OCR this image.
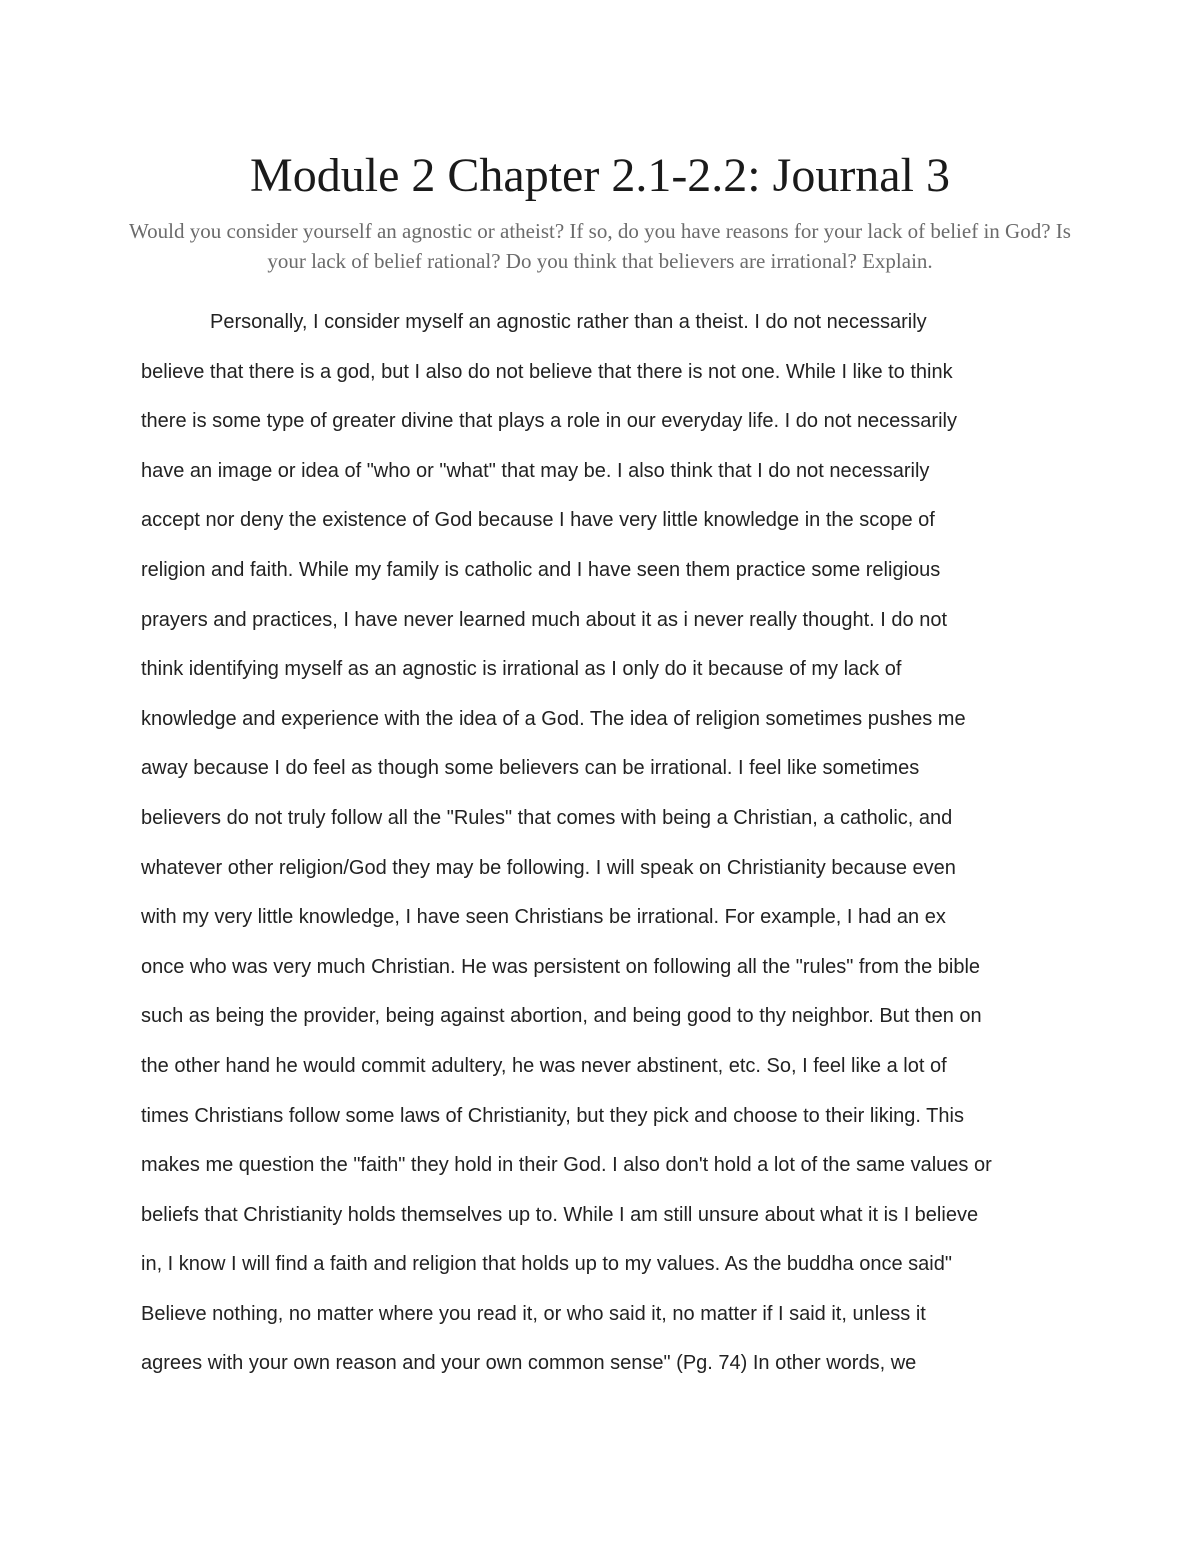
Module 2 Chapter 2.1-2.2: Journal 3
Would you consider yourself an agnostic or atheist? If so, do you have reasons for your lack of belief in God? Is your lack of belief rational? Do you think that believers are irrational? Explain.
Personally, I consider myself an agnostic rather than a theist. I do not necessarily
believe that there is a god, but I also do not believe that there is not one. While I like to think
there is some type of greater divine that plays a role in our everyday life. I do not necessarily
have an image or idea of "who or "what" that may be. I also think that I do not necessarily
accept nor deny the existence of God because I have very little knowledge in the scope of
religion and faith. While my family is catholic and I have seen them practice some religious
prayers and practices, I have never learned much about it as i never really thought. I do not
think identifying myself as an agnostic is irrational as I only do it because of my lack of
knowledge and experience with the idea of a God. The idea of religion sometimes pushes me
away because I do feel as though some believers can be irrational. I feel like sometimes
believers do not truly follow all the "Rules" that comes with being a Christian, a catholic, and
whatever other religion/God they may be following. I will speak on Christianity because even
with my very little knowledge, I have seen Christians be irrational. For example, I had an ex
once who was very much Christian. He was persistent on following all the "rules" from the bible
such as being the provider, being against abortion, and being good to thy neighbor. But then on
the other hand he would commit adultery, he was never abstinent, etc. So, I feel like a lot of
times Christians follow some laws of Christianity, but they pick and choose to their liking. This
makes me question the "faith" they hold in their God. I also don't hold a lot of the same values or
beliefs that Christianity holds themselves up to. While I am still unsure about what it is I believe
in, I know I will find a faith and religion that holds up to my values. As the buddha once said"
Believe nothing, no matter where you read it, or who said it, no matter if I said it, unless it
agrees with your own reason and your own common sense" (Pg. 74) In other words, we
